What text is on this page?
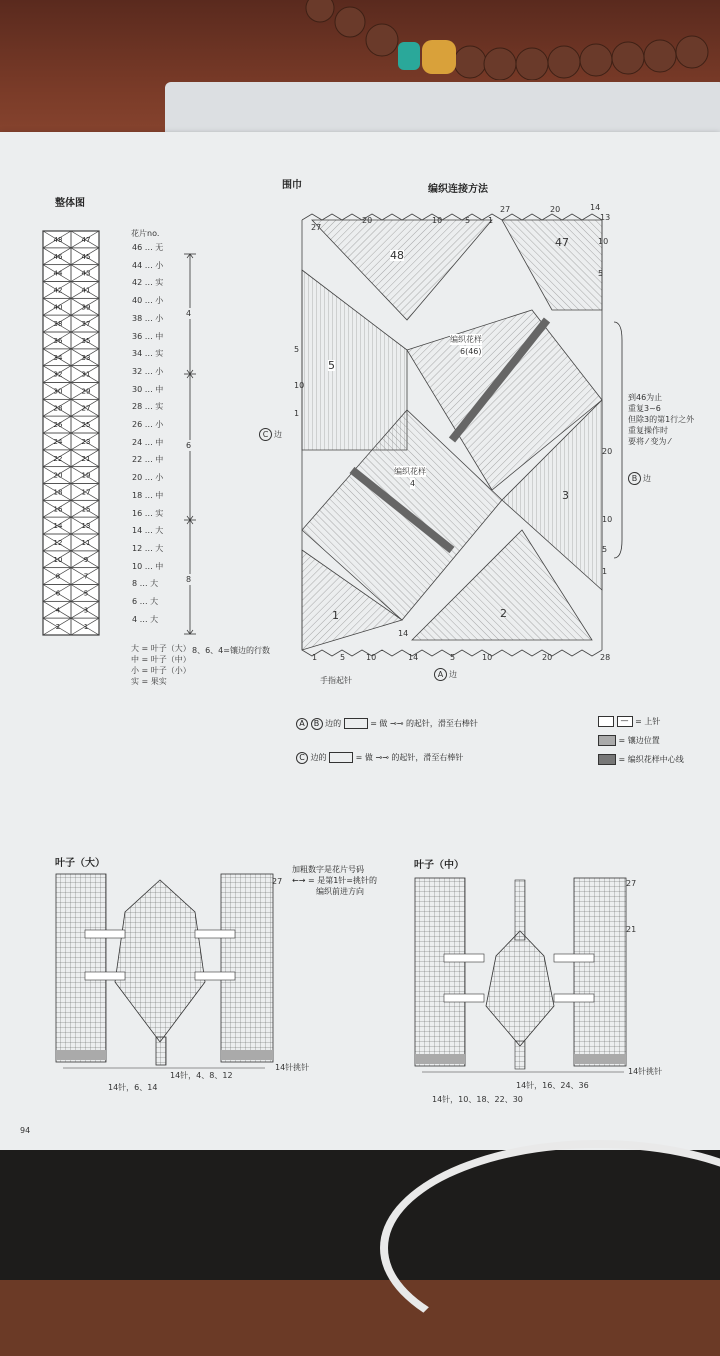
围巾
整体图
编织连接方法
48	47
46	45
44	43
42	41
40	39
38	37
36	35
34	33
32	31
30	29
28	27
26	25
24	23
22	21
20	19
18	17
16	15
14	13
12	11
10	9
8	7
6	5
4	3
2	1
花片no.
46 … 无
44 … 小
42 … 实
40 … 小
38 … 小
36 … 中
34 … 实
32 … 小
30 … 中
28 … 实
26 … 小
24 … 中
22 … 中
20 … 小
18 … 中
16 … 实
14 … 大
12 … 大
10 … 中
8 … 大
6 … 大
4 … 大
4
6
8
大 = 叶子（大）
中 = 叶子（中）
小 = 叶子（小）
实 = 果实
8、6、4=镶边的行数
48
47
5
3
2
1
编织花样
6(46)
编织花样
4
C 边
B 边
A 边
手指起针
到46为止
重复3~6
但除3的第1行之外
重复操作时
要将 ⁄ 变为 ⁄
27
20	10	5 1
27	20	14
13
10
5
10
5
1
20
10
5
1
14
1	5	10	14	5	10	20	28
A B 边的	= 做 ⊸⊸ 的起针，滑至右棒针
C 边的	= 做 ⊸⊸ 的起针，滑至右棒针
— = 上针
= 镶边位置
= 编织花样中心线
叶子（大）
27
加粗数字是花片号码
←→ = 是第1针=挑针的
编织前进方向
14针，4、8、12
14针，6、14
14针挑针
叶子（中）
27
21
14针，16、24、36
14针，10、18、22、30
14针挑针
94
